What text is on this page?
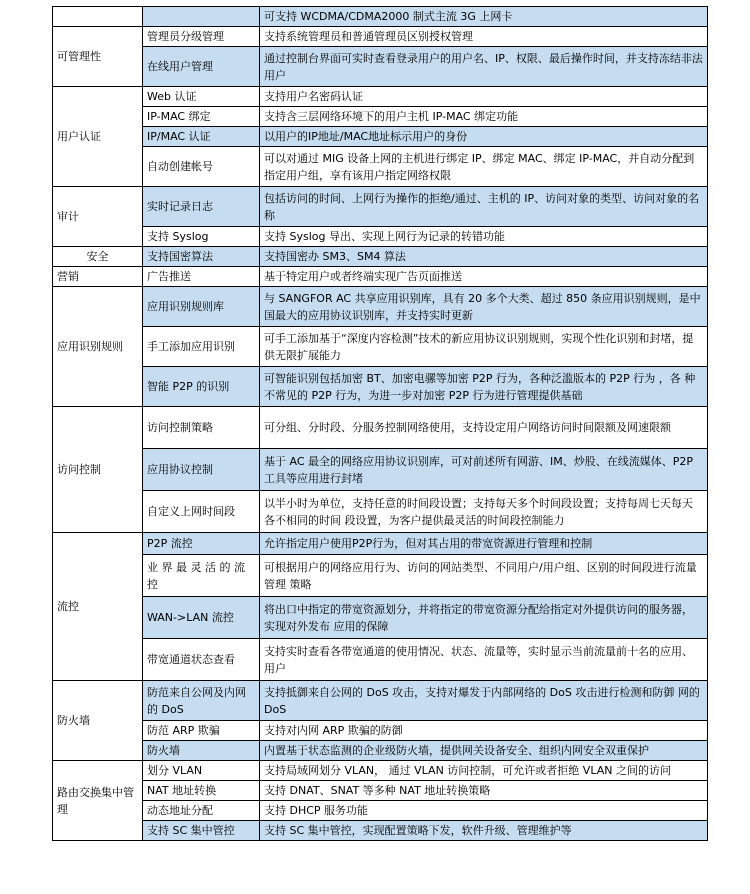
		可支持 WCDMA/CDMA2000 制式主流 3G 上网卡
可管理性	管理员分级管理	支持系统管理员和普通管理员区别授权管理
	在线用户管理	通过控制台界面可实时查看登录用户的用户名、IP、权限、最后操作时间，并支持冻结非法用户
用户认证	Web 认证	支持用户名密码认证
	IP-MAC 绑定	支持含三层网络环境下的用户主机 IP-MAC 绑定功能
	IP/MAC 认证	以用户的IP地址/MAC地址标示用户的身份
	自动创建帐号	可以对通过 MIG 设备上网的主机进行绑定 IP、绑定 MAC、绑定 IP-MAC，并自动分配到指定用户组，享有该用户指定网络权限
审计	实时记录日志	包括访问的时间、上网行为操作的拒绝/通过、主机的 IP、访问对象的类型、访问对象的名称
	支持 Syslog	支持 Syslog 导出、实现上网行为记录的转错功能
安全	支持国密算法	支持国密办 SM3、SM4 算法
营销	广告推送	基于特定用户或者终端实现广告页面推送
应用识别规则	应用识别规则库	与 SANGFOR AC 共享应用识别库，具有 20 多个大类、超过 850 条应用识别规则，是中国最大的应用协议识别库，并支持实时更新
	手工添加应用识别	可手工添加基于“深度内容检测”技术的新应用协议识别规则，实现个性化识别和封堵，提供无限扩展能力
	智能 P2P 的识别	可智能识别包括加密 BT、加密电骡等加密 P2P 行为，各种泛滥版本的 P2P 行为 ，各 种不常见的 P2P 行为，为进一步对加密 P2P 行为进行管理提供基础
访问控制	访问控制策略	可分组、分时段、分服务控制网络使用，支持设定用户网络访问时间限额及网速限额
	应用协议控制	基于 AC 最全的网络应用协议识别库，可对前述所有网游、IM、炒股、在线流媒体、P2P 工具等应用进行封堵
	自定义上网时间段	以半小时为单位，支持任意的时间段设置；支持每天多个时间段设置；支持每周七天每天各不相同的时间 段设置，为客户提供最灵活的时间段控制能力
流控	P2P 流控	允许指定用户使用P2P行为，但对其占用的带宽资源进行管理和控制
	业 界 最 灵 活 的 流 控	可根据用户的网络应用行为、访问的网站类型、不同用户/用户组、区别的时间段进行流量管理 策略
	WAN->LAN 流控	将出口中指定的带宽资源划分，并将指定的带宽资源分配给指定对外提供访问的服务器，实现对外发布 应用的保障
	带宽通道状态查看	支持实时查看各带宽通道的使用情况、状态、流量等，实时显示当前流量前十名的应用、用户
防火墙	防范来自公网及内网的 DoS	支持抵御来自公网的 DoS 攻击，支持对爆发于内部网络的 DoS 攻击进行检测和防御 网的 DoS
	防范 ARP 欺骗	支持对内网 ARP 欺骗的防御
	防火墙	内置基于状态监测的企业级防火墙，提供网关设备安全、组织内网安全双重保护
路由交换集中管理	划分 VLAN	支持局域网划分 VLAN， 通过 VLAN 访问控制，可允许或者拒绝 VLAN 之间的访问
	NAT 地址转换	支持 DNAT、SNAT 等多种 NAT 地址转换策略
	动态地址分配	支持 DHCP 服务功能
	支持 SC 集中管控	支持 SC 集中管控，实现配置策略下发，软件升级、管理维护等
